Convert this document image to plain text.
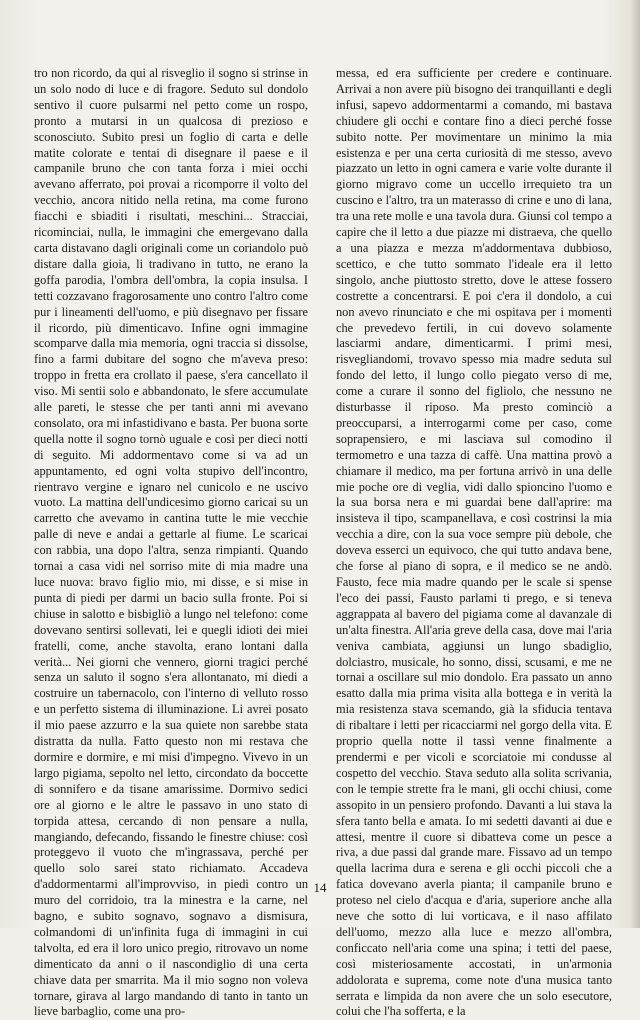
tro non ricordo, da qui al risveglio il sogno si strinse in un solo nodo di luce e di fragore. Seduto sul dondolo sentivo il cuore pulsarmi nel petto come un rospo, pronto a mutarsi in un qualcosa di prezioso e sconosciuto. Subito presi un foglio di carta e delle matite colorate e tentai di disegnare il paese e il campanile bruno che con tanta forza i miei occhi avevano afferrato, poi provai a ricomporre il volto del vecchio, ancora nitido nella retina, ma come furono fiacchi e sbiaditi i risultati, meschini... Stracciai, ricominciai, nulla, le immagini che emergevano dalla carta distavano dagli originali come un coriandolo può distare dalla gioia, li tradivano in tutto, ne erano la goffa parodia, l'ombra dell'ombra, la copia insulsa. I tetti cozzavano fragorosamente uno contro l'altro come pur i lineamenti dell'uomo, e più disegnavo per fissare il ricordo, più dimenticavo. Infine ogni immagine scomparve dalla mia memoria, ogni traccia si dissolse, fino a farmi dubitare del sogno che m'aveva preso: troppo in fretta era crollato il paese, s'era cancellato il viso. Mi sentii solo e abbandonato, le sfere accumulate alle pareti, le stesse che per tanti anni mi avevano consolato, ora mi infastidivano e basta. Per buona sorte quella notte il sogno tornò uguale e così per dieci notti di seguito. Mi addormentavo come si va ad un appuntamento, ed ogni volta stupivo dell'incontro, rientravo vergine e ignaro nel cunicolo e ne uscivo vuoto. La mattina dell'undicesimo giorno caricai su un carretto che avevamo in cantina tutte le mie vecchie palle di neve e andai a gettarle al fiume. Le scaricai con rabbia, una dopo l'altra, senza rimpianti. Quando tornai a casa vidi nel sorriso mite di mia madre una luce nuova: bravo figlio mio, mi disse, e si mise in punta di piedi per darmi un bacio sulla fronte. Poi si chiuse in salotto e bisbigliò a lungo nel telefono: come dovevano sentirsi sollevati, lei e quegli idioti dei miei fratelli, come, anche stavolta, erano lontani dalla verità... Nei giorni che vennero, giorni tragici perché senza un saluto il sogno s'era allontanato, mi diedi a costruire un tabernacolo, con l'interno di velluto rosso e un perfetto sistema di illuminazione. Li avrei posato il mio paese azzurro e la sua quiete non sarebbe stata distratta da nulla. Fatto questo non mi restava che dormire e dormire, e mi misi d'impegno. Vivevo in un largo pigiama, sepolto nel letto, circondato da boccette di sonnifero e da tisane amarissime. Dormivo sedici ore al giorno e le altre le passavo in uno stato di torpida attesa, cercando di non pensare a nulla, mangiando, defecando, fissando le finestre chiuse: così proteggevo il vuoto che m'ingrassava, perché per quello solo sarei stato richiamato. Accadeva d'addormentarmi all'improvviso, in piedi contro un muro del corridoio, tra la minestra e la carne, nel bagno, e subito sognavo, sognavo a dismisura, colmandomi di un'infinita fuga di immagini in cui talvolta, ed era il loro unico pregio, ritrovavo un nome dimenticato da anni o il nascondiglio di una certa chiave data per smarrita. Ma il mio sogno non voleva tornare, girava al largo mandando di tanto in tanto un lieve barbaglio, come una pro-

messa, ed era sufficiente per credere e continuare. Arrivai a non avere più bisogno dei tranquillanti e degli infusi, sapevo addormentarmi a comando, mi bastava chiudere gli occhi e contare fino a dieci perché fosse subito notte. Per movimentare un minimo la mia esistenza e per una certa curiosità di me stesso, avevo piazzato un letto in ogni camera e varie volte durante il giorno migravo come un uccello irrequieto tra un cuscino e l'altro, tra un materasso di crine e uno di lana, tra una rete molle e una tavola dura. Giunsi col tempo a capire che il letto a due piazze mi distraeva, che quello a una piazza e mezza m'addormentava dubbioso, scettico, e che tutto sommato l'ideale era il letto singolo, anche piuttosto stretto, dove le attese fossero costrette a concentrarsi. E poi c'era il dondolo, a cui non avevo rinunciato e che mi ospitava per i momenti che prevedevo fertili, in cui dovevo solamente lasciarmi andare, dimenticarmi. I primi mesi, risvegliandomi, trovavo spesso mia madre seduta sul fondo del letto, il lungo collo piegato verso di me, come a curare il sonno del figliolo, che nessuno ne disturbasse il riposo. Ma presto cominciò a preoccuparsi, a interrogarmi come per caso, come soprapensiero, e mi lasciava sul comodino il termometro e una tazza di caffè. Una mattina provò a chiamare il medico, ma per fortuna arrivò in una delle mie poche ore di veglia, vidi dallo spioncino l'uomo e la sua borsa nera e mi guardai bene dall'aprire: ma insisteva il tipo, scampanellava, e così costrinsi la mia vecchia a dire, con la sua voce sempre più debole, che doveva esserci un equivoco, che qui tutto andava bene, che forse al piano di sopra, e il medico se ne andò. Fausto, fece mia madre quando per le scale si spense l'eco dei passi, Fausto parlami ti prego, e si teneva aggrappata al bavero del pigiama come al davanzale di un'alta finestra. All'aria greve della casa, dove mai l'aria veniva cambiata, aggiunsi un lungo sbadiglio, dolciastro, musicale, ho sonno, dissi, scusami, e me ne tornai a oscillare sul mio dondolo. Era passato un anno esatto dalla mia prima visita alla bottega e in verità la mia resistenza stava scemando, già la sfiducia tentava di ribaltare i letti per ricacciarmi nel gorgo della vita. E proprio quella notte il tassì venne finalmente a prendermi e per vicoli e scorciatoie mi condusse al cospetto del vecchio. Stava seduto alla solita scrivania, con le tempie strette fra le mani, gli occhi chiusi, come assopito in un pensiero profondo. Davanti a lui stava la sfera tanto bella e amata. Io mi sedetti davanti ai due e attesi, mentre il cuore si dibatteva come un pesce a riva, a due passi dal grande mare. Fissavo ad un tempo quella lacrima dura e serena e gli occhi piccoli che a fatica dovevano averla pianta; il campanile bruno e proteso nel cielo d'acqua e d'aria, superiore anche alla neve che sotto di lui vorticava, e il naso affilato dell'uomo, mezzo alla luce e mezzo all'ombra, conficcato nell'aria come una spina; i tetti del paese, così misteriosamente accostati, in un'armonia addolorata e suprema, come note d'una musica tanto serrata e limpida da non avere che un solo esecutore, colui che l'ha sofferta, e la

14
